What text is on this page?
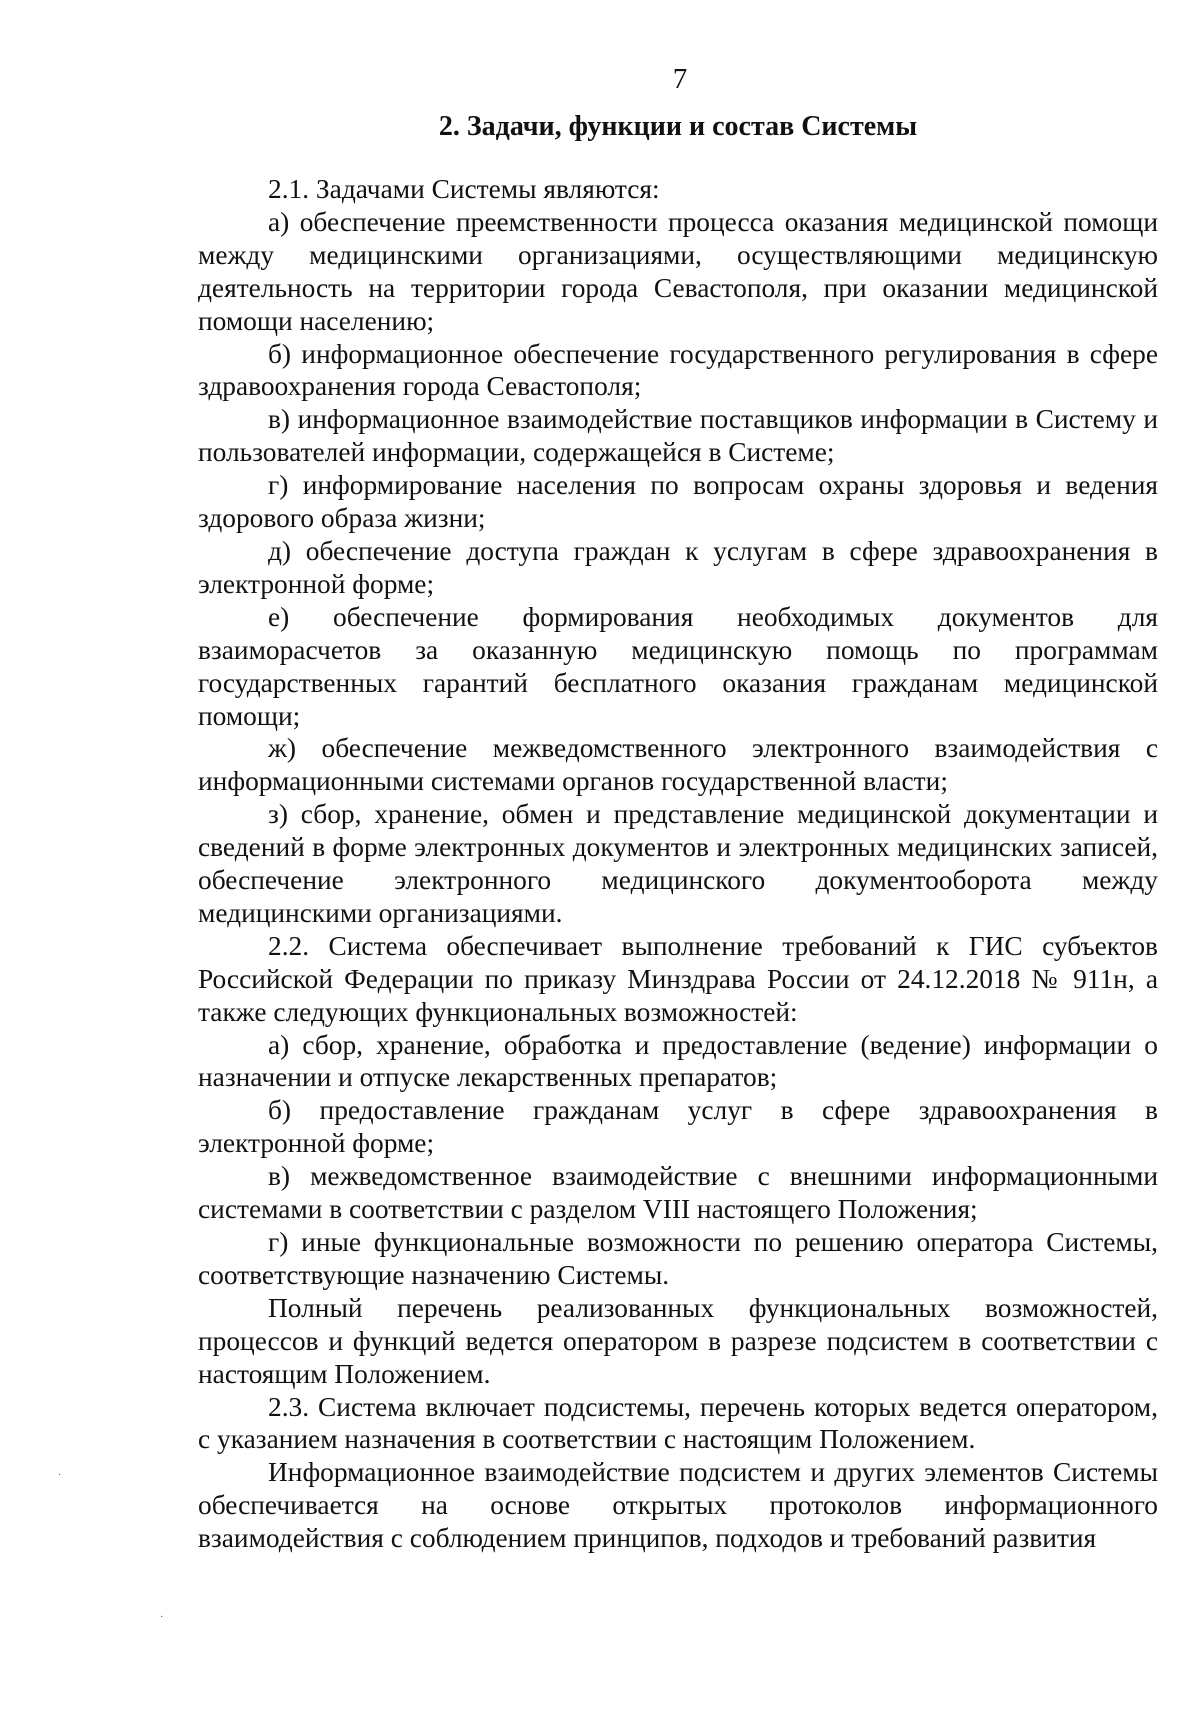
7
2. Задачи, функции и состав Системы

2.1. Задачами Системы являются:

а) обеспечение преемственности процесса оказания медицинской помощи между медицинскими организациями, осуществляющими медицинскую деятельность на территории города Севастополя, при оказании медицинской помощи населению;

б) информационное обеспечение государственного регулирования в сфере здравоохранения города Севастополя;

в) информационное взаимодействие поставщиков информации в Систему и пользователей информации, содержащейся в Системе;

г) информирование населения по вопросам охраны здоровья и ведения здорового образа жизни;

д) обеспечение доступа граждан к услугам в сфере здравоохранения в электронной форме;

е) обеспечение формирования необходимых документов для взаиморасчетов за оказанную медицинскую помощь по программам государственных гарантий бесплатного оказания гражданам медицинской помощи;

ж) обеспечение межведомственного электронного взаимодействия с информационными системами органов государственной власти;

з) сбор, хранение, обмен и представление медицинской документации и сведений в форме электронных документов и электронных медицинских записей, обеспечение электронного медицинского документооборота между медицинскими организациями.

2.2. Система обеспечивает выполнение требований к ГИС субъектов Российской Федерации по приказу Минздрава России от 24.12.2018 № 911н, а также следующих функциональных возможностей:

а) сбор, хранение, обработка и предоставление (ведение) информации о назначении и отпуске лекарственных препаратов;

б) предоставление гражданам услуг в сфере здравоохранения в электронной форме;

в) межведомственное взаимодействие с внешними информационными системами в соответствии с разделом VIII настоящего Положения;

г) иные функциональные возможности по решению оператора Системы, соответствующие назначению Системы.

Полный перечень реализованных функциональных возможностей, процессов и функций ведется оператором в разрезе подсистем в соответствии с настоящим Положением.

2.3. Система включает подсистемы, перечень которых ведется оператором, с указанием назначения в соответствии с настоящим Положением.

Информационное взаимодействие подсистем и других элементов Системы обеспечивается на основе открытых протоколов информационного взаимодействия с соблюдением принципов, подходов и требований развития

·
·
